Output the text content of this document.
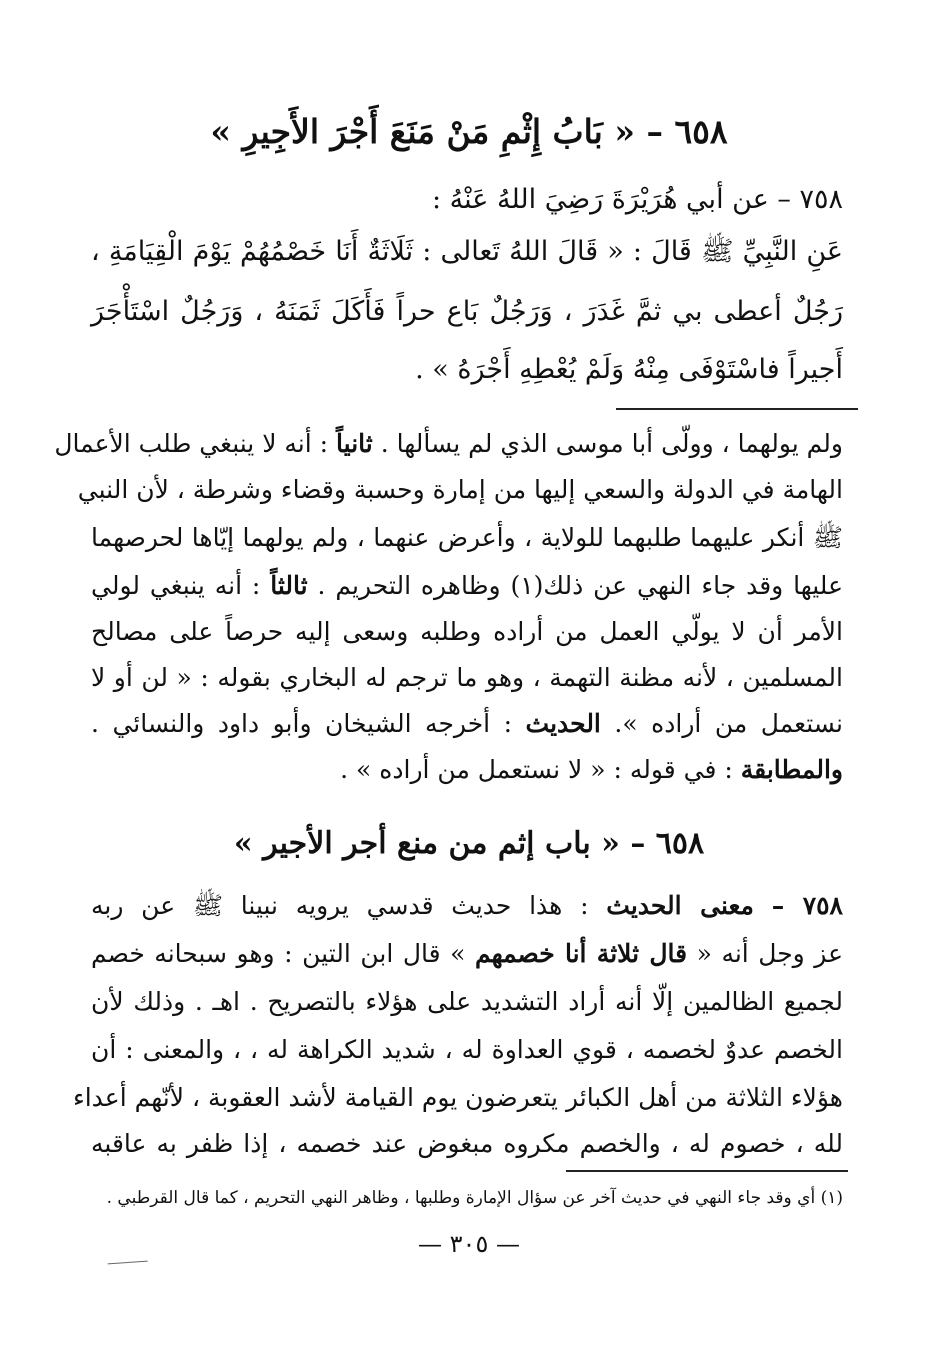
٦٥٨ – « بَابُ إِثْمِ مَنْ مَنَعَ أَجْرَ الأَجِيرِ »
٧٥٨ – عن أبي هُرَيْرَةَ رَضِيَ اللهُ عَنْهُ :
عَنِ النَّبِيِّ ﷺ قَالَ : « قَالَ اللهُ تَعالى : ثَلَاثَةٌ أَنَا خَصْمُهُمْ يَوْمَ الْقِيَامَةِ ،
رَجُلٌ أعطى بي ثمَّ غَدَرَ ، وَرَجُلٌ بَاع حراً فَأَكَلَ ثَمَنَهُ ، وَرَجُلٌ اسْتَأْجَرَ
أَجيراً فاسْتَوْفَى مِنْهُ وَلَمْ يُعْطِهِ أَجْرَهُ » .
ولم يولهما ، وولّى أبا موسى الذي لم يسألها . ثانياً : أنه لا ينبغي طلب الأعمال
الهامة في الدولة والسعي إليها من إمارة وحسبة وقضاء وشرطة ، لأن النبي
ﷺ أنكر عليهما طلبهما للولاية ، وأعرض عنهما ، ولم يولهما إيّاها لحرصهما
عليها وقد جاء النهي عن ذلك(١) وظاهره التحريم . ثالثاً : أنه ينبغي لولي
الأمر أن لا يولّي العمل من أراده وطلبه وسعى إليه حرصاً على مصالح
المسلمين ، لأنه مظنة التهمة ، وهو ما ترجم له البخاري بقوله : « لن أو لا
نستعمل من أراده ». الحديث : أخرجه الشيخان وأبو داود والنسائي .
والمطابقة : في قوله : « لا نستعمل من أراده » .
٦٥٨ – « باب إثم من منع أجر الأجير »
٧٥٨ – معنى الحديث : هذا حديث قدسي يرويه نبينا ﷺ عن ربه
عز وجل أنه « قال ثلاثة أنا خصمهم » قال ابن التين : وهو سبحانه خصم
لجميع الظالمين إلّا أنه أراد التشديد على هؤلاء بالتصريح . اهـ . وذلك لأن
الخصم عدوٌ لخصمه ، قوي العداوة له ، شديد الكراهة له ، ، والمعنى : أن
هؤلاء الثلاثة من أهل الكبائر يتعرضون يوم القيامة لأشد العقوبة ، لأنّهم أعداء
لله ، خصوم له ، والخصم مكروه مبغوض عند خصمه ، إذا ظفر به عاقبه
(١) أي وقد جاء النهي في حديث آخر عن سؤال الإمارة وطلبها ، وظاهر النهي التحريم ، كما قال القرطبي .
— ٣٠٥ —
